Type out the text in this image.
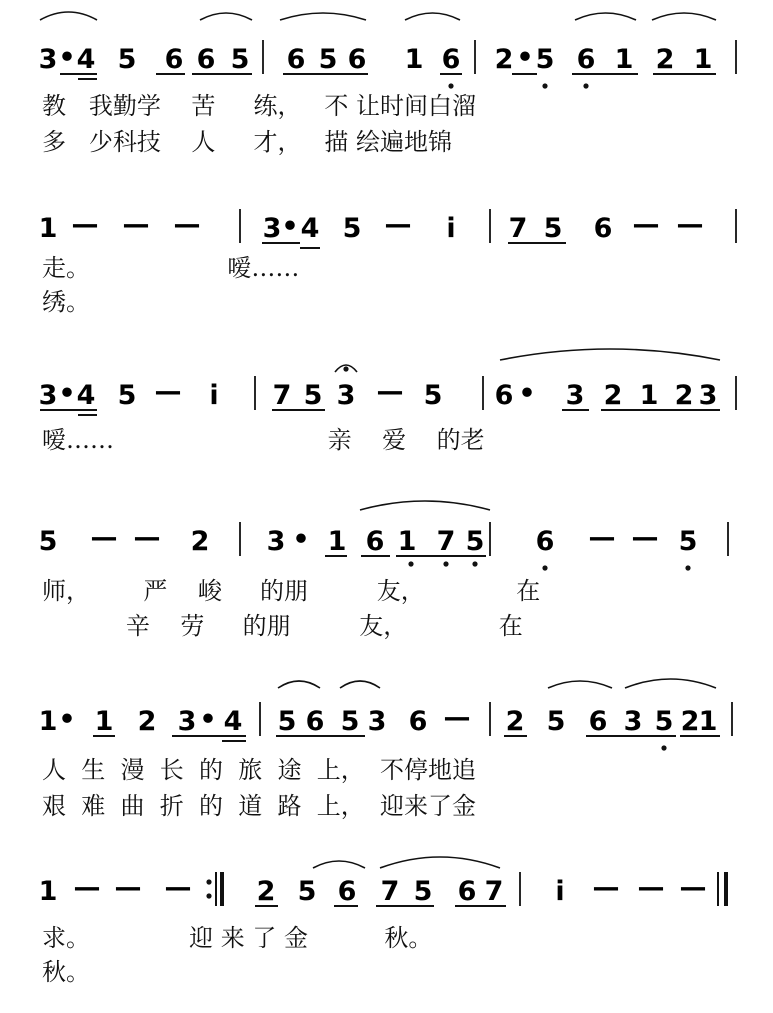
3 • 4 5 6 6 5 6 5 6 1 6 2 • 5 6 1 2 1
1 — — — 3 • 4 5 — i 7 5 6 — —
3 • 4 5 — i 7 5 3 — 5 6 • 3 2 1 2 3
5 — — 2 3 • 1 6 1 7 5 6 — — 5
1 • 1 2 3 • 4 5 6 5 3 6 — 2 5 6 3 5 2 1
1 — — — 2 5 6 7 5 6 7 i — — —
教   我勤学    苦     练，   不 让时间白溜
多   少科技    人     才，   描 绘遍地锦
走。                  嗳……
绣。
嗳……                            亲    爱    的老
师，       严    峻     的朋         友，            在
辛    劳     的朋         友，            在
人  生  漫  长  的  旅  途  上，  不停地追
艰  难  曲  折  的  道  路  上，  迎来了金
求。             迎 来 了 金          秋。
秋。
